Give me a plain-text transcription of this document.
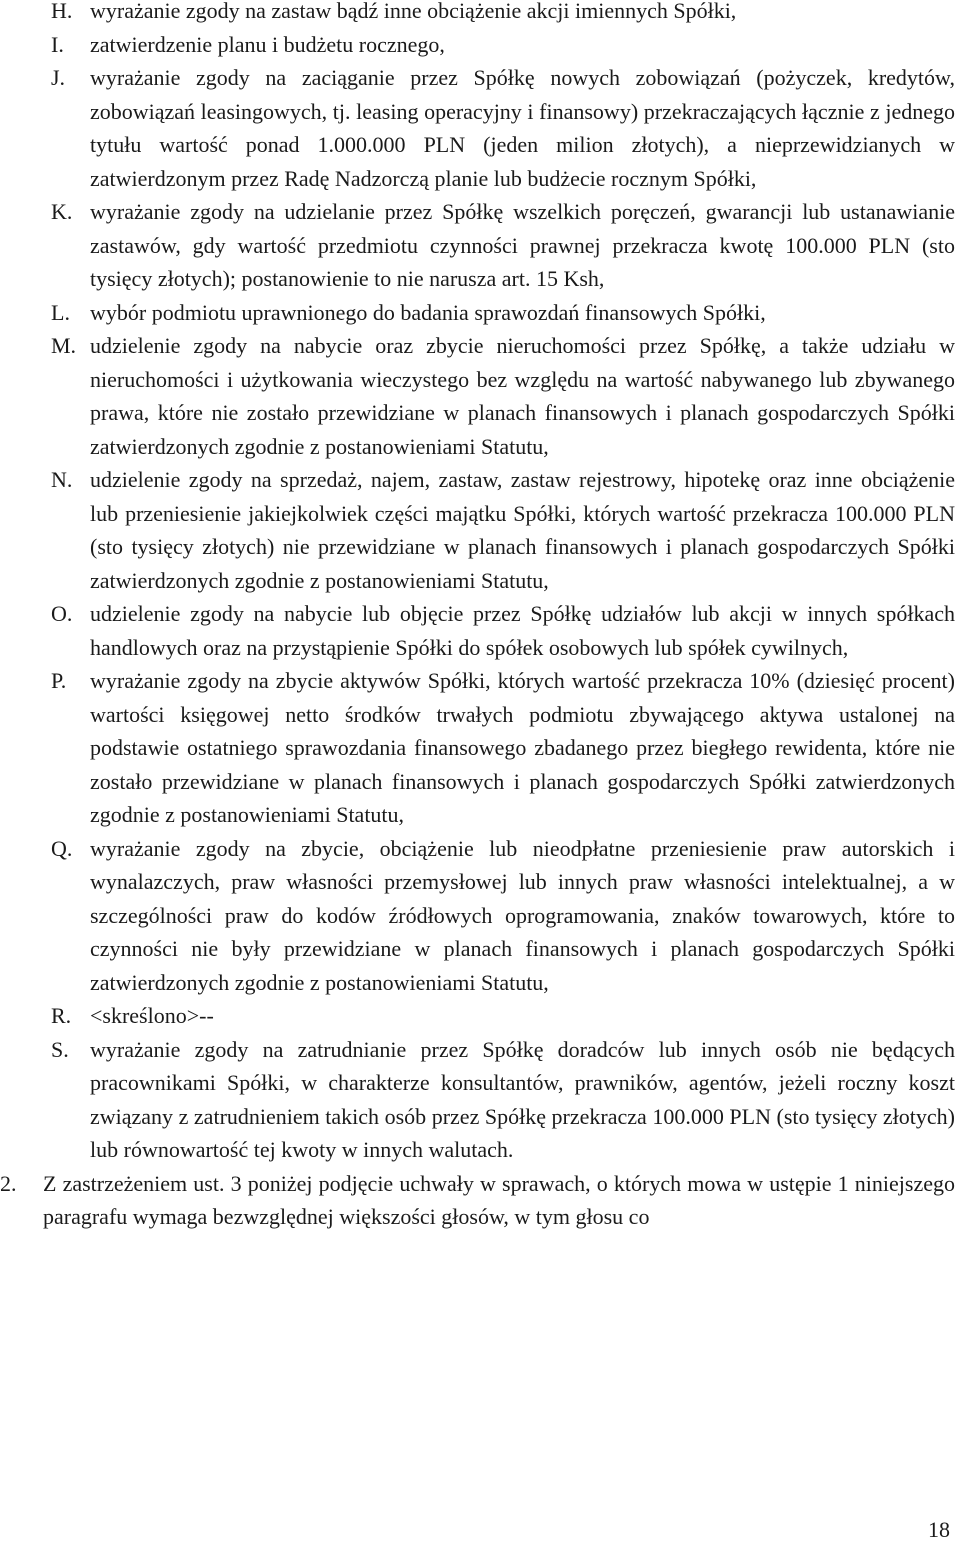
H. wyrażanie zgody na zastaw bądź inne obciążenie akcji imiennych Spółki,
I. zatwierdzenie planu i budżetu rocznego,
J. wyrażanie zgody na zaciąganie przez Spółkę nowych zobowiązań (pożyczek, kredytów, zobowiązań leasingowych, tj. leasing operacyjny i finansowy) przekraczających łącznie z jednego tytułu wartość ponad 1.000.000 PLN (jeden milion złotych), a nieprzewidzianych w zatwierdzonym przez Radę Nadzorczą planie lub budżecie rocznym Spółki,
K. wyrażanie zgody na udzielanie przez Spółkę wszelkich poręczeń, gwarancji lub ustanawianie zastawów, gdy wartość przedmiotu czynności prawnej przekracza kwotę 100.000 PLN (sto tysięcy złotych); postanowienie to nie narusza art. 15 Ksh,
L. wybór podmiotu uprawnionego do badania sprawozdań finansowych Spółki,
M. udzielenie zgody na nabycie oraz zbycie nieruchomości przez Spółkę, a także udziału w nieruchomości i użytkowania wieczystego bez względu na wartość nabywanego lub zbywanego prawa, które nie zostało przewidziane w planach finansowych i planach gospodarczych Spółki zatwierdzonych zgodnie z postanowieniami Statutu,
N. udzielenie zgody na sprzedaż, najem, zastaw, zastaw rejestrowy, hipotekę oraz inne obciążenie lub przeniesienie jakiejkolwiek części majątku Spółki, których wartość przekracza 100.000 PLN (sto tysięcy złotych) nie przewidziane w planach finansowych i planach gospodarczych Spółki zatwierdzonych zgodnie z postanowieniami Statutu,
O. udzielenie zgody na nabycie lub objęcie przez Spółkę udziałów lub akcji w innych spółkach handlowych oraz na przystąpienie Spółki do spółek osobowych lub spółek cywilnych,
P. wyrażanie zgody na zbycie aktywów Spółki, których wartość przekracza 10% (dziesięć procent) wartości księgowej netto środków trwałych podmiotu zbywającego aktywa ustalonej na podstawie ostatniego sprawozdania finansowego zbadanego przez biegłego rewidenta, które nie zostało przewidziane w planach finansowych i planach gospodarczych Spółki zatwierdzonych zgodnie z postanowieniami Statutu,
Q. wyrażanie zgody na zbycie, obciążenie lub nieodpłatne przeniesienie praw autorskich i wynalazczych, praw własności przemysłowej lub innych praw własności intelektualnej, a w szczególności praw do kodów źródłowych oprogramowania, znaków towarowych, które to czynności nie były przewidziane w planach finansowych i planach gospodarczych Spółki zatwierdzonych zgodnie z postanowieniami Statutu,
R. <skreślono>--
S. wyrażanie zgody na zatrudnianie przez Spółkę doradców lub innych osób nie będących pracownikami Spółki, w charakterze konsultantów, prawników, agentów, jeżeli roczny koszt związany z zatrudnieniem takich osób przez Spółkę przekracza 100.000 PLN (sto tysięcy złotych) lub równowartość tej kwoty w innych walutach.
2. Z zastrzeżeniem ust. 3 poniżej podjęcie uchwały w sprawach, o których mowa w ustępie 1 niniejszego paragrafu wymaga bezwzględnej większości głosów, w tym głosu co
18
